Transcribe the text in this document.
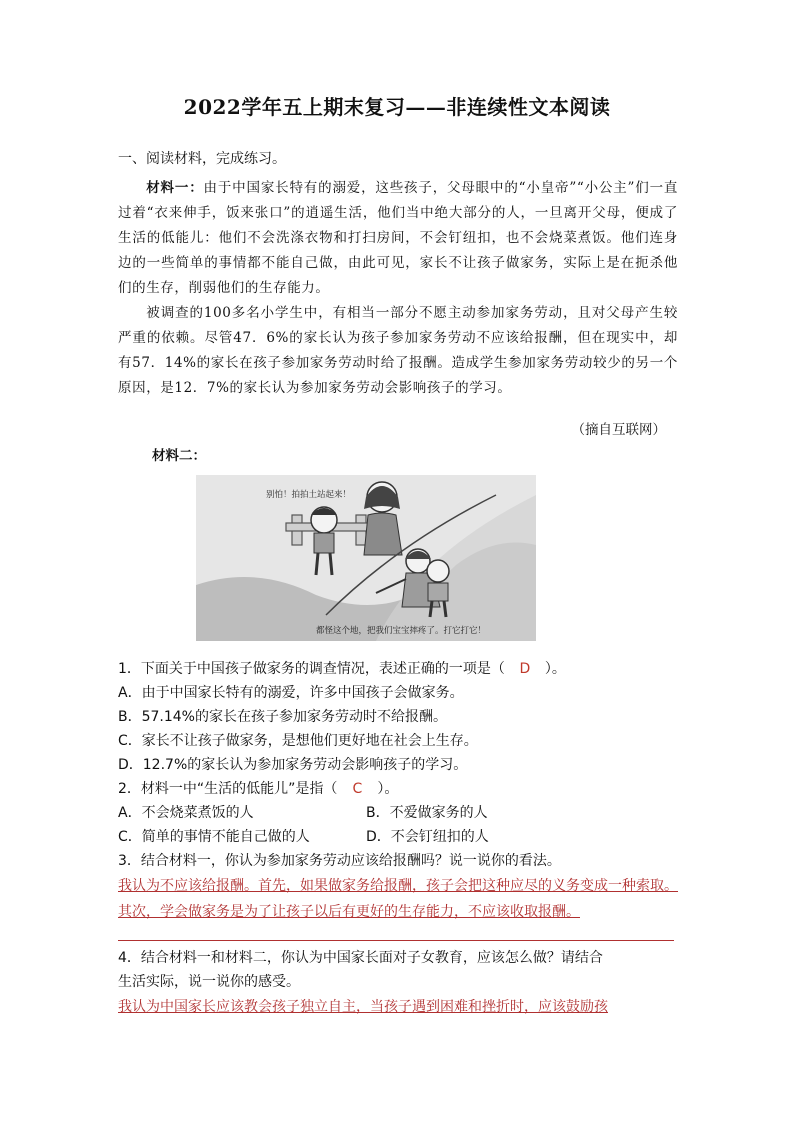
2022学年五上期末复习——非连续性文本阅读
一、阅读材料，完成练习。
材料一：由于中国家长特有的溺爱，这些孩子，父母眼中的“小皇帝”“小公主”们一直过着“衣来伸手，饭来张口”的逍遥生活，他们当中绝大部分的人，一旦离开父母，便成了生活的低能儿：他们不会洗涤衣物和打扫房间，不会钉纽扣，也不会烧菜煮饭。他们连身边的一些简单的事情都不能自己做，由此可见，家长不让孩子做家务，实际上是在扼杀他们的生存，削弱他们的生存能力。
被调查的100多名小学生中，有相当一部分不愿主动参加家务劳动，且对父母产生较严重的依赖。尽管47．6%的家长认为孩子参加家务劳动不应该给报酬，但在现实中，却有57．14%的家长在孩子参加家务劳动时给了报酬。造成学生参加家务劳动较少的另一个原因，是12．7%的家长认为参加家务劳动会影响孩子的学习。
（摘自互联网）
材料二：
别怕！拍拍土站起来！
都怪这个地，把我们宝宝摔疼了。打它打它！
1．下面关于中国孩子做家务的调查情况，表述正确的一项是（ D ）。
A．由于中国家长特有的溺爱，许多中国孩子会做家务。
B．57.14%的家长在孩子参加家务劳动时不给报酬。
C．家长不让孩子做家务，是想他们更好地在社会上生存。
D．12.7%的家长认为参加家务劳动会影响孩子的学习。
2．材料一中“生活的低能儿”是指（ C ）。
A．不会烧菜煮饭的人	B．不爱做家务的人
C．简单的事情不能自己做的人	D．不会钉纽扣的人
3．结合材料一，你认为参加家务劳动应该给报酬吗？说一说你的看法。
我认为不应该给报酬。首先，如果做家务给报酬，孩子会把这种应尽的义务变成一种索取。其次，学会做家务是为了让孩子以后有更好的生存能力，不应该收取报酬。
4．结合材料一和材料二，你认为中国家长面对子女教育，应该怎么做？请结合
生活实际，说一说你的感受。
我认为中国家长应该教会孩子独立自主，当孩子遇到困难和挫折时，应该鼓励孩
